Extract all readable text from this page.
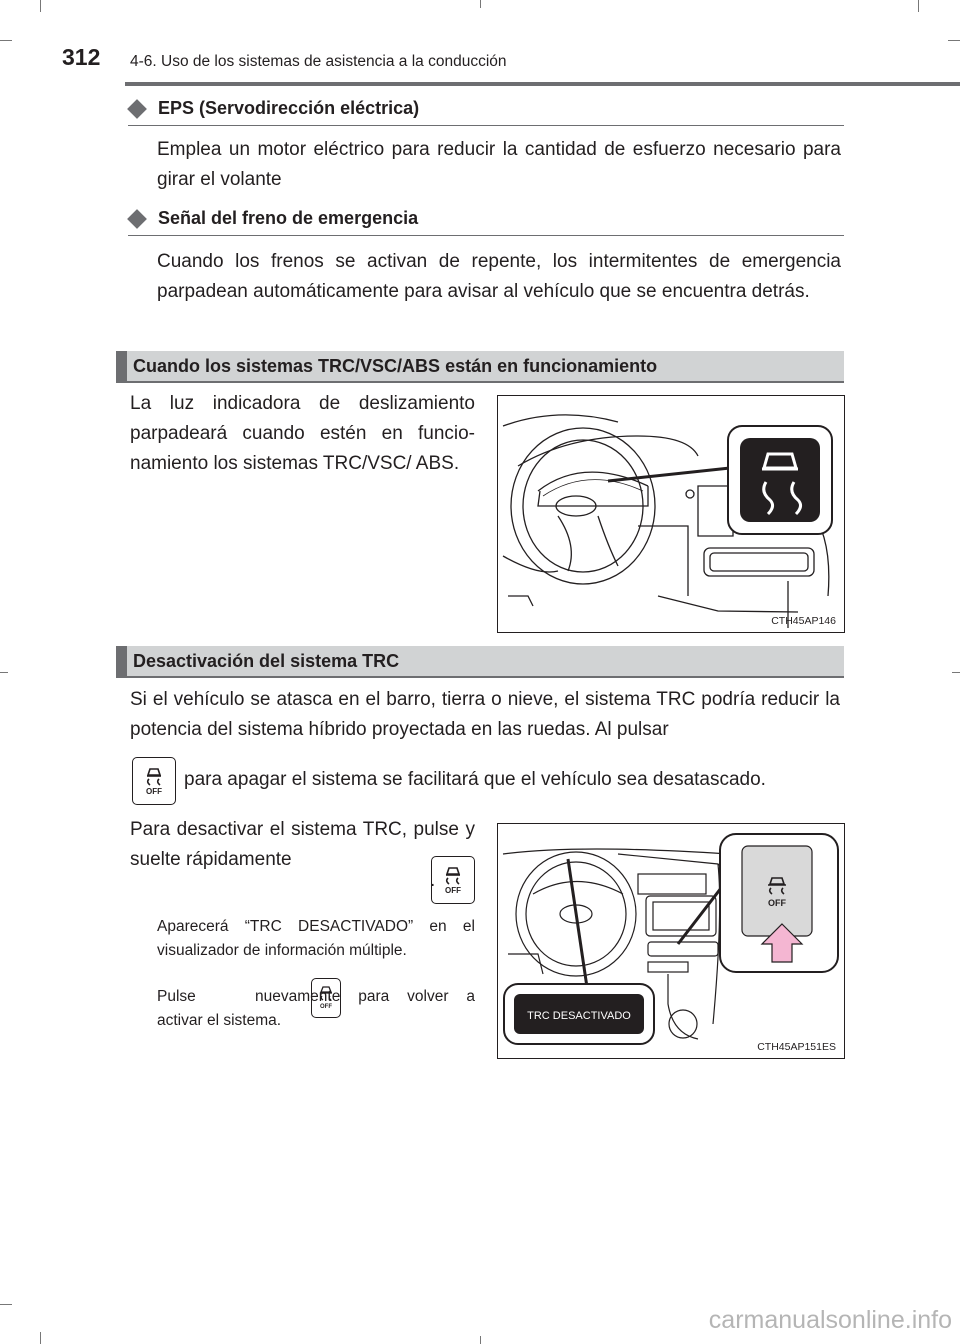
312 4-6. Uso de los sistemas de asistencia a la conducción
EPS (Servodirección eléctrica)
Emplea un motor eléctrico para reducir la cantidad de esfuerzo necesario para girar el volante
Señal del freno de emergencia
Cuando los frenos se activan de repente, los intermitentes de emergencia parpadean automáticamente para avisar al vehículo que se encuentra detrás.
Cuando los sistemas TRC/VSC/ABS están en funcionamiento
La luz indicadora de deslizamiento parpadeará cuando estén en funcio-namiento los sistemas TRC/VSC/ ABS.
CTH45AP146
Desactivación del sistema TRC
Si el vehículo se atasca en el barro, tierra o nieve, el sistema TRC podría reducir la potencia del sistema híbrido proyectada en las ruedas. Al pulsar
OFF

para apagar el sistema se facilitará que el vehículo sea desatascado.
Para desactivar el sistema TRC, pulse y suelte rápidamente
OFF

.
Aparecerá “TRC DESACTIVADO” en el visualizador de información múltiple.
Pulse
OFF
nuevamente para volver a activar el sistema.
OFF
TRC DESACTIVADO
CTH45AP151ES
carmanualsonline.info
